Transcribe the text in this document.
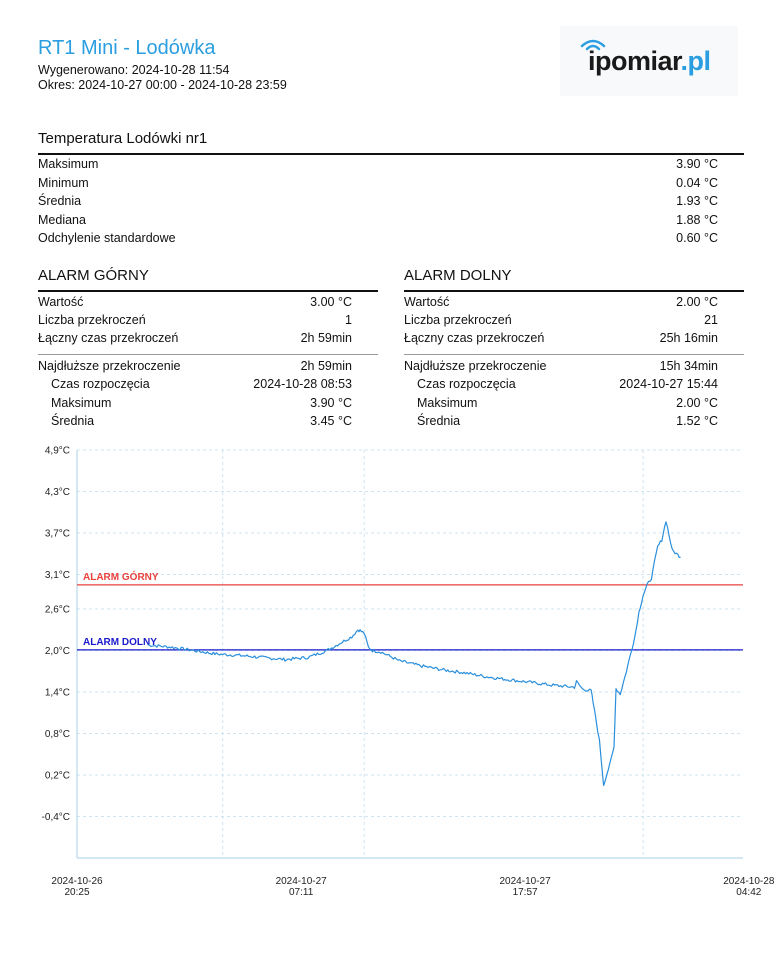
RT1 Mini - Lodówka
Wygenerowano: 2024-10-28 11:54
Okres: 2024-10-27 00:00 - 2024-10-28 23:59
ipomiar.pl
Temperatura Lodówki nr1
Maksimum	3.90 °C
Minimum	0.04 °C
Średnia	1.93 °C
Mediana	1.88 °C
Odchylenie standardowe	0.60 °C
ALARM GÓRNY
Wartość	3.00 °C
Liczba przekroczeń	1
Łączny czas przekroczeń	2h 59min
Najdłuższe przekroczenie	2h 59min
Czas rozpoczęcia	2024-10-28 08:53
Maksimum	3.90 °C
Średnia	3.45 °C
ALARM DOLNY
Wartość	2.00 °C
Liczba przekroczeń	21
Łączny czas przekroczeń	25h 16min
Najdłuższe przekroczenie	15h 34min
Czas rozpoczęcia	2024-10-27 15:44
Maksimum	2.00 °C
Średnia	1.52 °C
4,9°C
4,3°C
3,7°C
3,1°C
2,6°C
2,0°C
1,4°C
0,8°C
0,2°C
-0,4°C
ALARM GÓRNY
ALARM DOLNY
2024-10-26
20:25
2024-10-27
07:11
2024-10-27
17:57
2024-10-28
04:42
